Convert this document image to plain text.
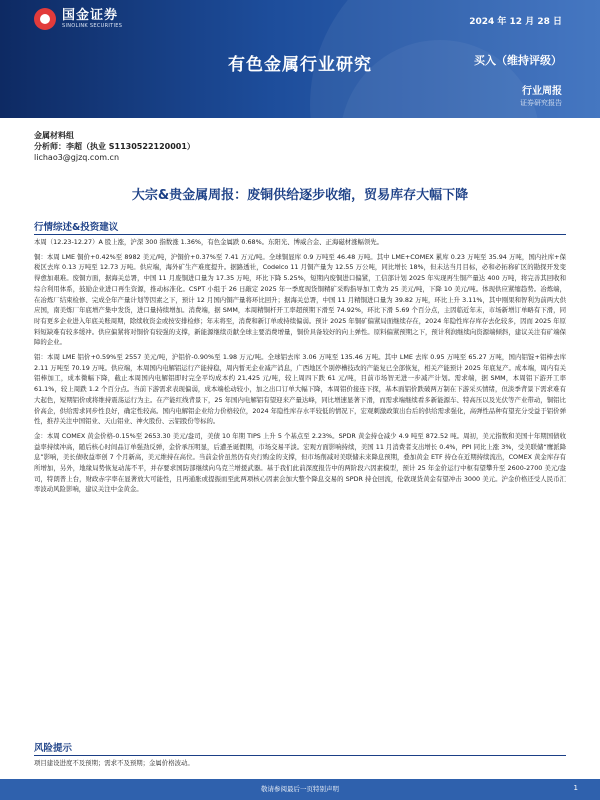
国金证券
SINOLINK SECURITIES	2024 年 12 月 28 日
有色金属行业研究	买入（维持评级）
行业周报
证券研究报告
金属材料组
分析师：李超（执业 S1130522120001）
lichao3@gjzq.com.cn
大宗&贵金属周报：废铜供给逐步收缩，贸易库存大幅下降
行情综述&投资建议

本周（12.23-12.27）A 股上涨，沪深 300 指数涨 1.36%，有色金属跌 0.68%。东阳光、博威合金、正海磁材涨幅领先。

铜：本周 LME 铜价+0.42%至 8982 美元/吨，沪铜价+0.37%至 7.41 万元/吨。全球铜显库 0.9 万吨至 46.48 万吨。其中 LME+COMEX 累库 0.23 万吨至 35.94 万吨，国内社库+保税区去库 0.13 万吨至 12.73 万吨。供应端，海外矿生产难度提升。据路透社，Codelco 11 月铜产量为 12.55 万公吨，同比增长 18%，但未达当月目标，必和必拓称矿区的勘探开发变得愈加艰难。废铜方面，据海关总署，中国 11 月废铜进口量为 17.35 万吨，环比下降 5.25%，短期内废铜进口偏紧，工信部计划 2025 年实现再生铜产量达 400 万吨，将完善其回收和综合利用体系，鼓励企业进口再生资源，推动标准化。CSPT 小组于 26 日敲定 2025 年一季度现货铜精矿采购指导加工费为 25 美元/吨，下降 10 美元/吨。体现供应紧缩趋势。冶炼端，在冶炼厂结束检修、完成全年产量计划等因素之下，预计 12 月国内铜产量将环比回升；据海关总署，中国 11 月精铜进口量为 39.82 万吨，环比上升 3.11%，其中刚果和智利为前两大供应国，南美炼厂年底增产集中发货，进口量持续增加。消费端，据 SMM，本周精铜杆开工率超预期下滑至 74.92%，环比下滑 5.69 个百分点，主因临近年末，市场新增订单略有下滑，同时有更多企业进入年底关账周期，除续收资金或按安排检修；年末将至，消费和新订单或持续偏弱。预计 2025 年铜矿偏紧局面继续存在，2024 年隐性库存库存去化较多，因而 2025 年原料短缺难有较多缓冲。供应偏紧将对铜价有较强的支撑，新能源继续贡献全球主要消费增量，铜价具备较好的向上弹性。原料偏紧预期之下，预计利润继续向资源端倾斜，建议关注有矿端保障的企业。

铝：本周 LME 铝价+0.59%至 2557 美元/吨，沪铝价-0.90%至 1.98 万元/吨。全球铝去库 3.06 万吨至 135.46 万吨。其中 LME 去库 0.95 万吨至 65.27 万吨，国内铝锭+铝棒去库 2.11 万吨至 70.19 万吨。供应端，本周国内电解铝运行产能持稳，周内暂无企业减产消息，广西地区个别停槽技改的产能复已全部恢复，相关产能预计 2025 年底复产。成本端，周内有关铝棒加工，成本微幅下降，截止本周国内电解铝即时完全平均成本约 21,425 元/吨，较上周四下跌 61 元/吨，目前市场智无进一步减产计划。需求端，据 SMM，本周铝下游开工率 61.1%，较上周跌 1.2 个百分点。当前下游需求表现偏弱，成本端松动较小，加之出口订单大幅下降，本周铝价接连下探，基本面铝价跌破两万制在下游采买情绪，但淡季背景下需求难有大起色，短期铝价或将维持震荡运行为主。在产能红线背景下，25 年国内电解铝有望迎来产量达峰，同比增速显著下滑，而需求端继续看多新能源车、特高压以及光伏等产业带动，铜铝比价高企，供给需求同步性良好，确定性较高。国内电解铝企业给力价格较位，2024 年隐性库存水平较低的情况下，宏观刺激政策出台后的供给需求强化，高弹性品种有望充分受益于铝价弹性，推荐关注中国铝业、天山铝业、神火股份、云铝股份等标的。

金：本周 COMEX 黄金价格-0.15%至 2653.30 美元/盎司，美债 10 年期 TIPS 上升 5 个基点至 2.23%。SPDR 黄金持仓减少 4.9 吨至 872.52 吨。周初，美元指数和美国十年期国债收益率持续冲高，随后核心时间品订单强劲反弹，金价承压明显，后遭圣诞假期，市场交易平淡。宏观方面影响持续，美国 11 月消费者支出增长 0.4%，PPI 同比上涨 3%，受美联储“鹰派降息”影响，美长债收益率创 7 个月新高，美元维持在高位。当前金价虽然仍有央行购金的支撑，但市场削减对美联储未来降息预期，叠加黄金 ETF 持仓在近期持续流出，COMEX 黄金库存有所增加，另外，地缘局势恢复动荡不平，并存要求国防部继续向乌克兰增援武器。基于我们此前深度报告中的两阶段六因素模型，预计 25 年金价运行中枢有望攀升至 2600-2700 美元/盎司，特朗普上台，财政赤字率在显著放大可能性，且再通胀或提振而至此两项核心因素会加大整个降息交易的 SPDR 持仓回流，伦敦现货黄金有望冲击 3000 美元。沪金价格还受人民币汇率波动风险影响，建议关注中金黄金。

风险提示

项目建设进度不及预期；需求不及预期；金属价格波动。

敬请参阅最后一页特别声明	1
